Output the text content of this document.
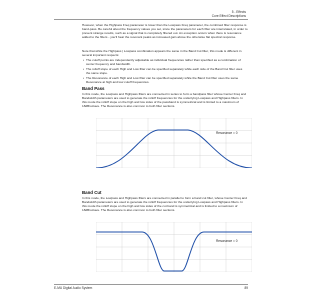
5 - Effects
Core Effect Descriptions

However, when the Highpass Freq parameter is lower than the Lowpass Freq parameter, the combined filter response is band-pass. Be careful about the frequency values you set, since the parameters for each filter are interrelated, in order to prevent strange results, such as a signal that is completely filtered out. An exception occurs when there is resonance added to the filters - you'll hear the resonant peaks as increased gain above the otherwise flat spectral response.

Note that while the Highpass | Lowpass combination appears the same in the Band Cut filter, this mode is different in several important respects:

• The cutoff points are independently adjustable as individual frequencies rather than specified as a combination of center frequency and bandwidth.
• The rolloff slope of each High and Low filter can be specified separately while each side of the Band Cut filter uses the same slope.
• The Resonance of each High and Low filter can be specified separately while the Band Cut filter uses the same Resonance at high and low cutoff frequencies.
Band Pass

In this mode, the Lowpass and Highpass filters are connected in series to form a bandpass filter whose Center Freq and Bandwidth parameters are used to generate the rolloff frequencies for the underlying Lowpass and Highpass filters. In this mode the rolloff slope on the high and low sides of the passband is symmetrical and is limited to a maximum of 18dB/octave. The Resonance is also common to both filter sections.

Resonance = 0
Band Cut

In this mode, the Lowpass and Highpass filters are connected in parallel to form a band cut filter, whose Center Freq and Bandwidth parameters are used to generate the rolloff frequencies for the underlying Lowpass and Highpass filters. In this mode the rolloff slope on the high and low sides of the cut band is symmetrical and is limited to a maximum of 18dB/octave. The Resonance is also common to both filter sections.

Resonance = 0
E-MU Digital Audio System	89
